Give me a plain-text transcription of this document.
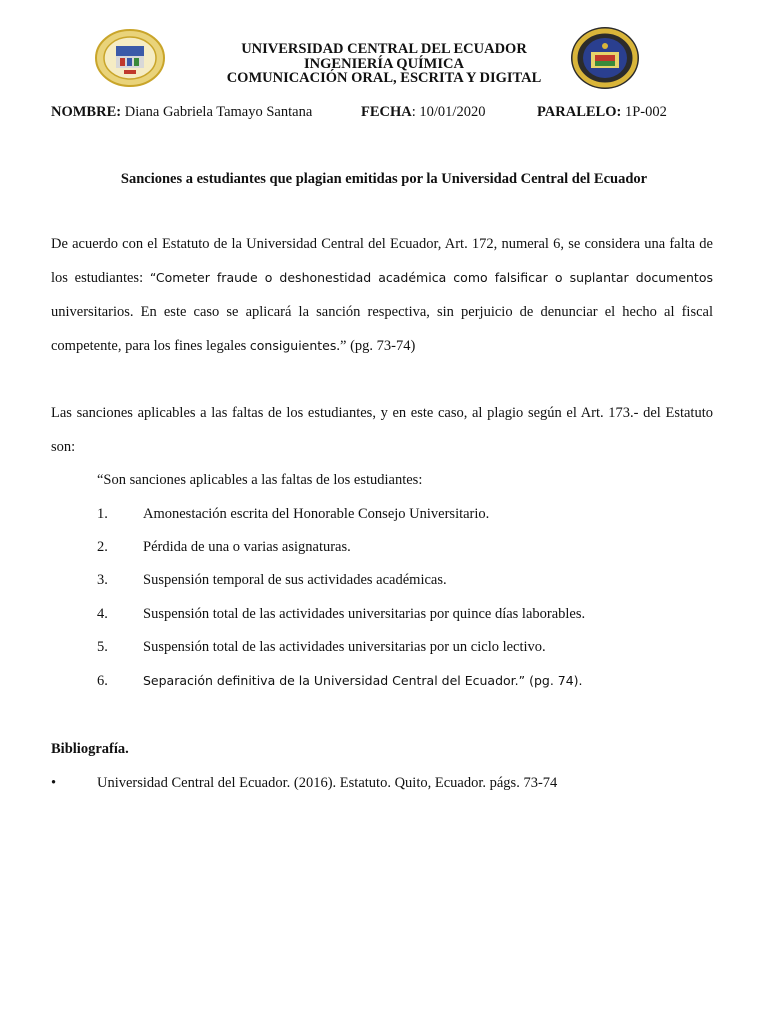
UNIVERSIDAD CENTRAL DEL ECUADOR
INGENIERÍA QUÍMICA
COMUNICACIÓN ORAL, ESCRITA Y DIGITAL
NOMBRE: Diana Gabriela Tamayo Santana	FECHA: 10/01/2020	PARALELO: 1P-002
Sanciones a estudiantes que plagian emitidas por la Universidad Central del Ecuador
De acuerdo con el Estatuto de la Universidad Central del Ecuador, Art. 172, numeral 6, se considera una falta de los estudiantes: “Cometer fraude o deshonestidad académica como falsificar o suplantar documentos universitarios. En este caso se aplicará la sanción respectiva, sin perjuicio de denunciar el hecho al fiscal competente, para los fines legales consiguientes.” (pg. 73-74)
Las sanciones aplicables a las faltas de los estudiantes, y en este caso, al plagio según el Art. 173.- del Estatuto son:
“Son sanciones aplicables a las faltas de los estudiantes:
1. Amonestación escrita del Honorable Consejo Universitario.
2. Pérdida de una o varias asignaturas.
3. Suspensión temporal de sus actividades académicas.
4. Suspensión total de las actividades universitarias por quince días laborables.
5. Suspensión total de las actividades universitarias por un ciclo lectivo.
6.	Separación definitiva de la Universidad Central del Ecuador.” (pg. 74).
Bibliografía.
•	Universidad Central del Ecuador. (2016). Estatuto. Quito, Ecuador. págs. 73-74
